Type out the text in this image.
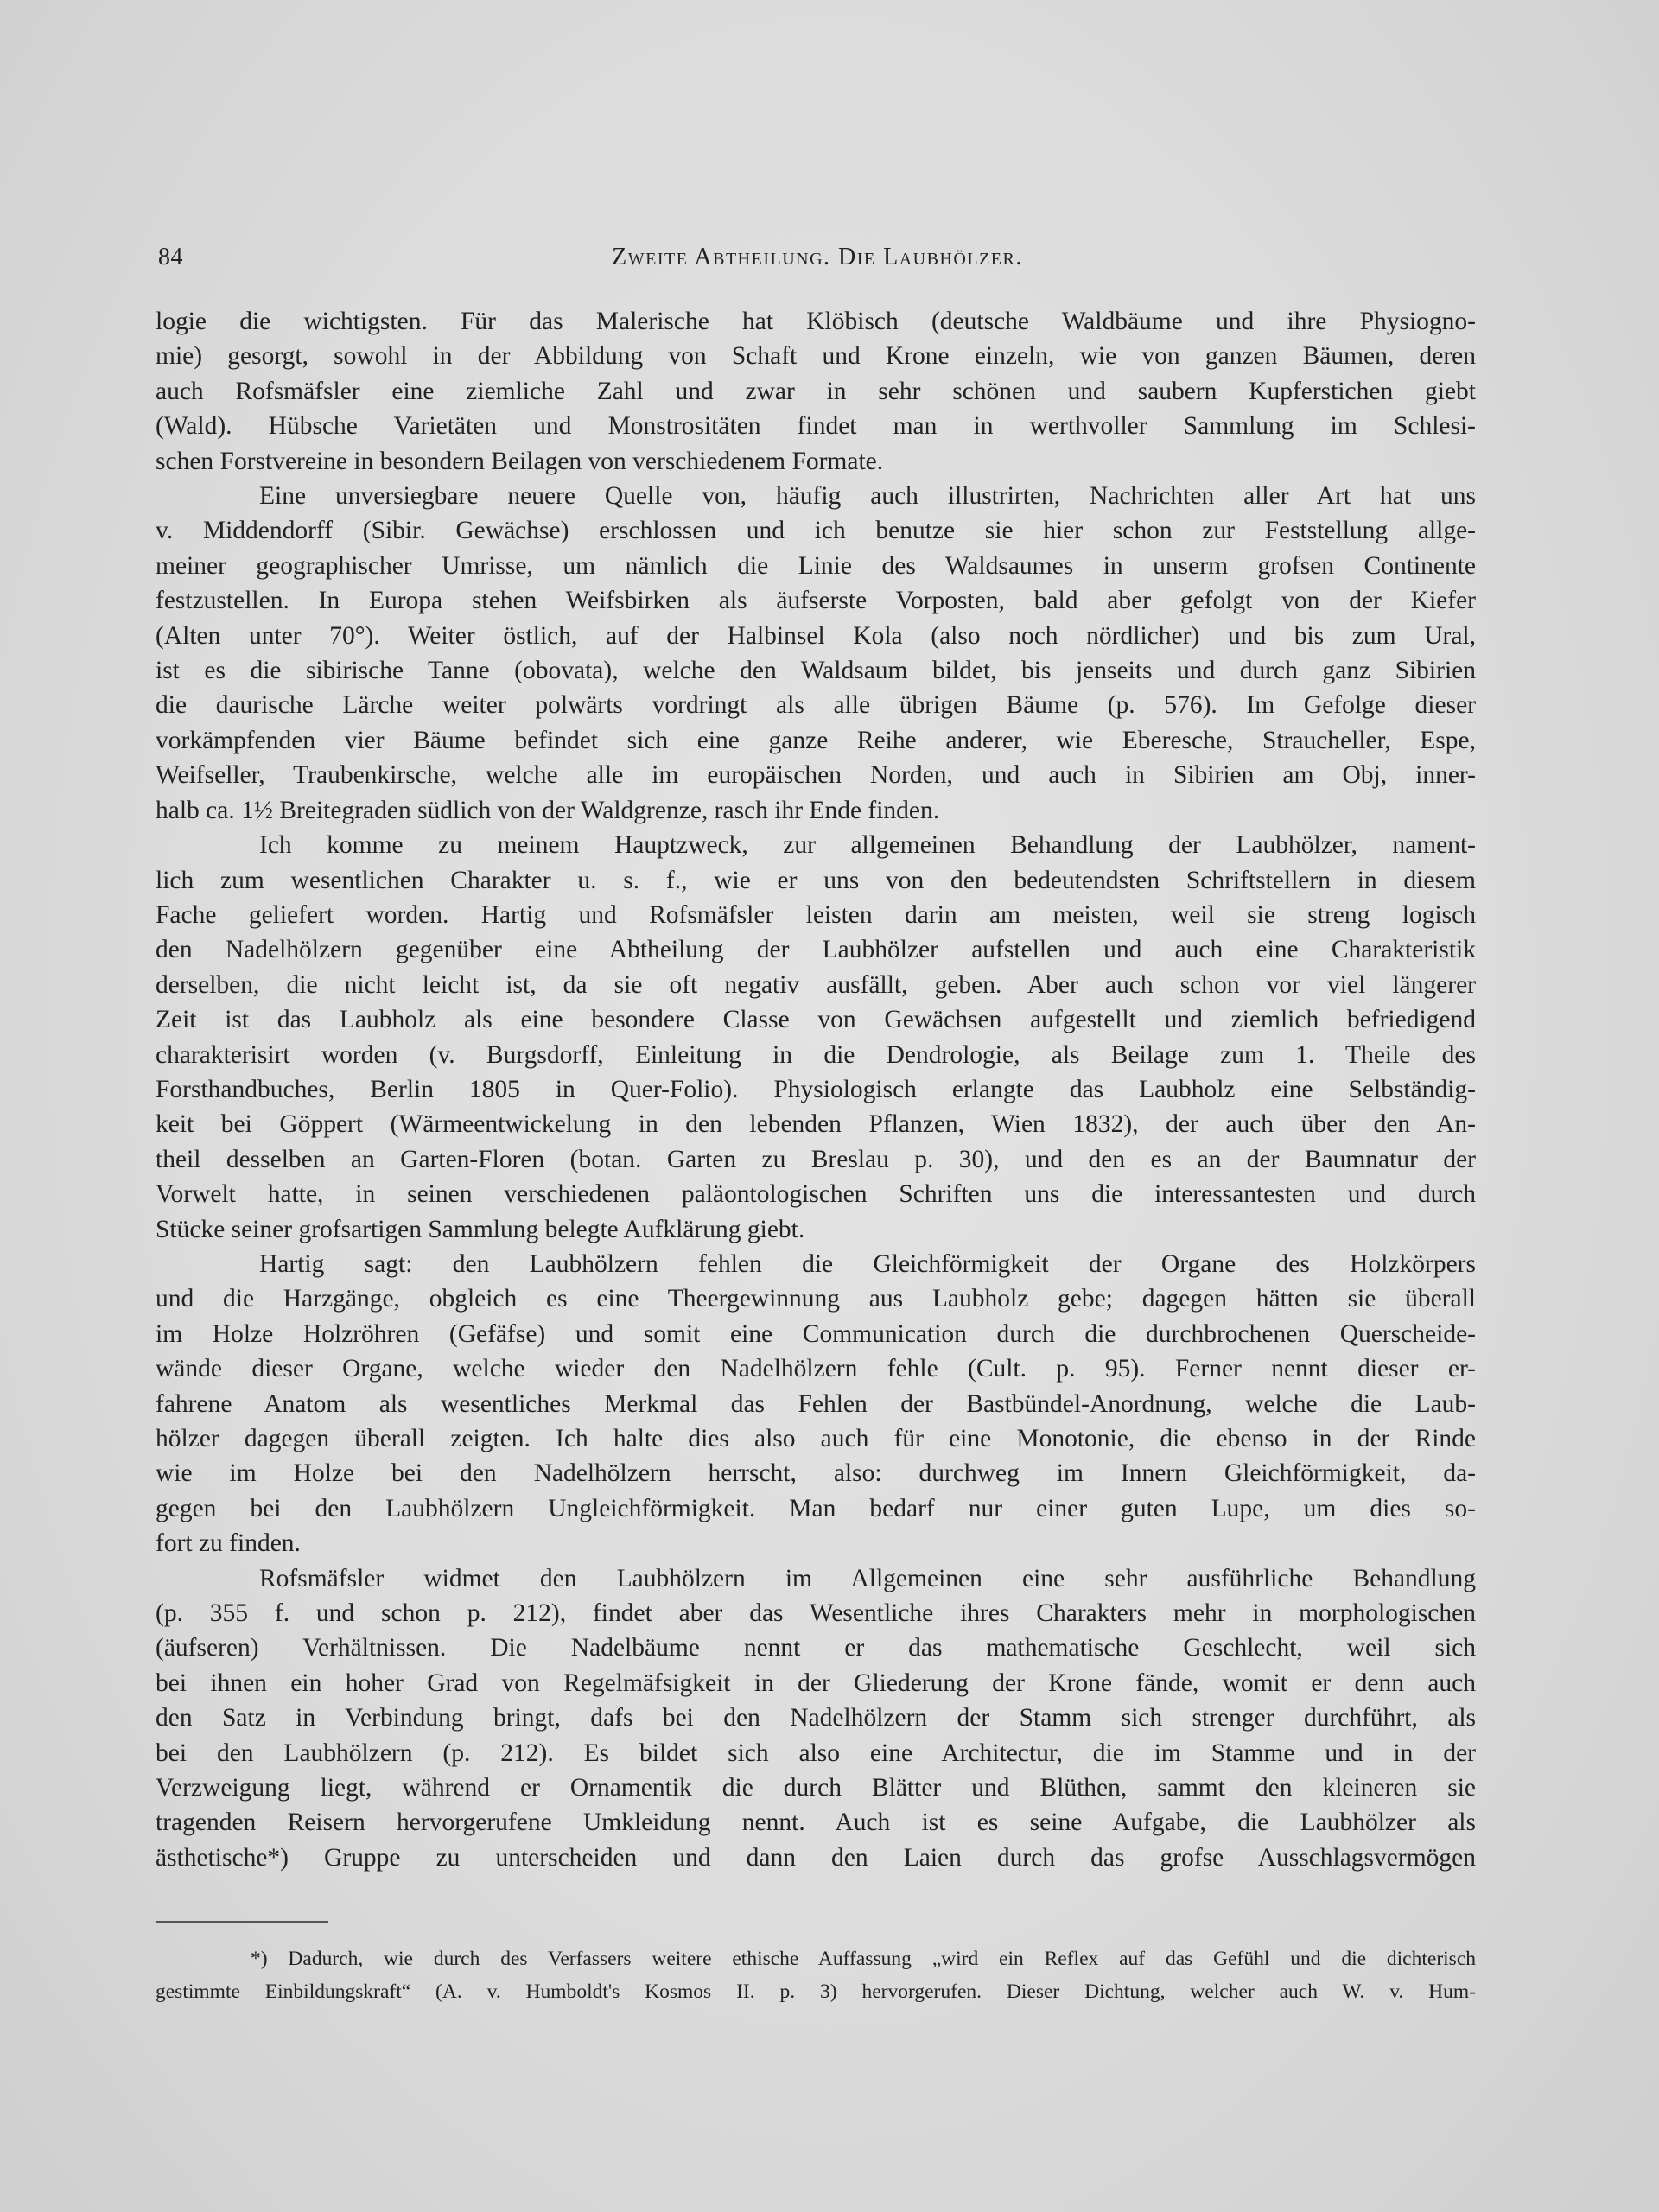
84	Zweite Abtheilung. Die Laubhölzer.

logie die wichtigsten. Für das Malerische hat Klöbisch (deutsche Waldbäume und ihre Physiogno-

mie) gesorgt, sowohl in der Abbildung von Schaft und Krone einzeln, wie von ganzen Bäumen, deren

auch Rofsmäfsler eine ziemliche Zahl und zwar in sehr schönen und saubern Kupferstichen giebt

(Wald). Hübsche Varietäten und Monstrositäten findet man in werthvoller Sammlung im Schlesi-

schen Forstvereine in besondern Beilagen von verschiedenem Formate.

Eine unversiegbare neuere Quelle von, häufig auch illustrirten, Nachrichten aller Art hat uns

v. Middendorff (Sibir. Gewächse) erschlossen und ich benutze sie hier schon zur Feststellung allge-

meiner geographischer Umrisse, um nämlich die Linie des Waldsaumes in unserm grofsen Continente

festzustellen. In Europa stehen Weifsbirken als äufserste Vorposten, bald aber gefolgt von der Kiefer

(Alten unter 70°). Weiter östlich, auf der Halbinsel Kola (also noch nördlicher) und bis zum Ural,

ist es die sibirische Tanne (obovata), welche den Waldsaum bildet, bis jenseits und durch ganz Sibirien

die daurische Lärche weiter polwärts vordringt als alle übrigen Bäume (p. 576). Im Gefolge dieser

vorkämpfenden vier Bäume befindet sich eine ganze Reihe anderer, wie Eberesche, Straucheller, Espe,

Weifseller, Traubenkirsche, welche alle im europäischen Norden, und auch in Sibirien am Obj, inner-

halb ca. 1½ Breitegraden südlich von der Waldgrenze, rasch ihr Ende finden.

Ich komme zu meinem Hauptzweck, zur allgemeinen Behandlung der Laubhölzer, nament-

lich zum wesentlichen Charakter u. s. f., wie er uns von den bedeutendsten Schriftstellern in diesem

Fache geliefert worden. Hartig und Rofsmäfsler leisten darin am meisten, weil sie streng logisch

den Nadelhölzern gegenüber eine Abtheilung der Laubhölzer aufstellen und auch eine Charakteristik

derselben, die nicht leicht ist, da sie oft negativ ausfällt, geben. Aber auch schon vor viel längerer

Zeit ist das Laubholz als eine besondere Classe von Gewächsen aufgestellt und ziemlich befriedigend

charakterisirt worden (v. Burgsdorff, Einleitung in die Dendrologie, als Beilage zum 1. Theile des

Forsthandbuches, Berlin 1805 in Quer-Folio). Physiologisch erlangte das Laubholz eine Selbständig-

keit bei Göppert (Wärmeentwickelung in den lebenden Pflanzen, Wien 1832), der auch über den An-

theil desselben an Garten-Floren (botan. Garten zu Breslau p. 30), und den es an der Baumnatur der

Vorwelt hatte, in seinen verschiedenen paläontologischen Schriften uns die interessantesten und durch

Stücke seiner grofsartigen Sammlung belegte Aufklärung giebt.

Hartig sagt: den Laubhölzern fehlen die Gleichförmigkeit der Organe des Holzkörpers

und die Harzgänge, obgleich es eine Theergewinnung aus Laubholz gebe; dagegen hätten sie überall

im Holze Holzröhren (Gefäfse) und somit eine Communication durch die durchbrochenen Querscheide-

wände dieser Organe, welche wieder den Nadelhölzern fehle (Cult. p. 95). Ferner nennt dieser er-

fahrene Anatom als wesentliches Merkmal das Fehlen der Bastbündel-Anordnung, welche die Laub-

hölzer dagegen überall zeigten. Ich halte dies also auch für eine Monotonie, die ebenso in der Rinde

wie im Holze bei den Nadelhölzern herrscht, also: durchweg im Innern Gleichförmigkeit, da-

gegen bei den Laubhölzern Ungleichförmigkeit. Man bedarf nur einer guten Lupe, um dies so-

fort zu finden.

Rofsmäfsler widmet den Laubhölzern im Allgemeinen eine sehr ausführliche Behandlung

(p. 355 f. und schon p. 212), findet aber das Wesentliche ihres Charakters mehr in morphologischen

(äufseren) Verhältnissen. Die Nadelbäume nennt er das mathematische Geschlecht, weil sich

bei ihnen ein hoher Grad von Regelmäfsigkeit in der Gliederung der Krone fände, womit er denn auch

den Satz in Verbindung bringt, dafs bei den Nadelhölzern der Stamm sich strenger durchführt, als

bei den Laubhölzern (p. 212). Es bildet sich also eine Architectur, die im Stamme und in der

Verzweigung liegt, während er Ornamentik die durch Blätter und Blüthen, sammt den kleineren sie

tragenden Reisern hervorgerufene Umkleidung nennt. Auch ist es seine Aufgabe, die Laubhölzer als

ästhetische*) Gruppe zu unterscheiden und dann den Laien durch das grofse Ausschlagsvermögen

*) Dadurch, wie durch des Verfassers weitere ethische Auffassung „wird ein Reflex auf das Gefühl und die dichterisch

gestimmte Einbildungskraft“ (A. v. Humboldt's Kosmos II. p. 3) hervorgerufen. Dieser Dichtung, welcher auch W. v. Hum-
